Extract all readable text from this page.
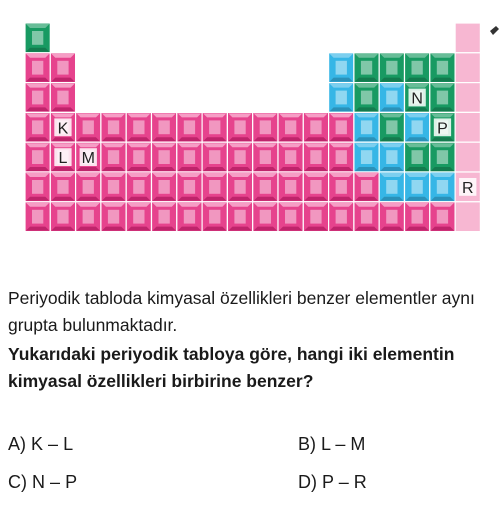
K
L M
N
P
R
Periyodik tabloda kimyasal özellikleri benzer elementler aynı grupta bulunmaktadır.
Yukarıdaki periyodik tabloya göre, hangi iki elementin kimyasal özellikleri birbirine benzer?
A) K – L	B) L – M
C) N – P	D) P – R
